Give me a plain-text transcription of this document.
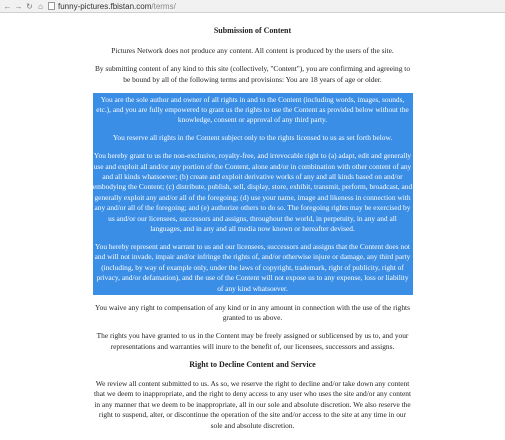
← → ↻ ⌂	funny-pictures.fbistan.com /terms/
Submission of Content

Pictures Network does not produce any content. All content is produced by the users of the site.

By submitting content of any kind to this site (collectively, "Content"), you are confirming and agreeing to be bound by all of the following terms and provisions: You are 18 years of age or older.

You are the sole author and owner of all rights in and to the Content (including words, images, sounds, etc.), and you are fully empowered to grant us the rights to use the Content as provided below without the knowledge, consent or approval of any third party.

You reserve all rights in the Content subject only to the rights licensed to us as set forth below.

You hereby grant to us the non-exclusive, royalty-free, and irrevocable right to (a) adapt, edit and generally use and exploit all and/or any portion of the Content, alone and/or in combination with other content of any and all kinds whatsoever; (b) create and exploit derivative works of any and all kinds based on and/or embodying the Content; (c) distribute, publish, sell, display, store, exhibit, transmit, perform, broadcast, and generally exploit any and/or all of the foregoing; (d) use your name, image and likeness in connection with any and/or all of the foregoing; and (e) authorize others to do so. The foregoing rights may be exercised by us and/or our licensees, successors and assigns, throughout the world, in perpetuity, in any and all languages, and in any and all media now known or hereafter devised.

You hereby represent and warrant to us and our licensees, successors and assigns that the Content does not and will not invade, impair and/or infringe the rights of, and/or otherwise injure or damage, any third party (including, by way of example only, under the laws of copyright, trademark, right of publicity, right of privacy, and/or defamation), and the use of the Content will not expose us to any expense, loss or liability of any kind whatsoever.

You waive any right to compensation of any kind or in any amount in connection with the use of the rights granted to us above.

The rights you have granted to us in the Content may be freely assigned or sublicensed by us to, and your representations and warranties will inure to the benefit of, our licensees, successors and assigns.

Right to Decline Content and Service

We review all content submitted to us. As so, we reserve the right to decline and/or take down any content that we deem to inappropriate, and the right to deny access to any user who uses the site and/or any content in any manner that we deem to be inappropriate, all in our sole and absolute discretion. We also reserve the right to suspend, alter, or discontinue the operation of the site and/or access to the site at any time in our sole and absolute discretion.
